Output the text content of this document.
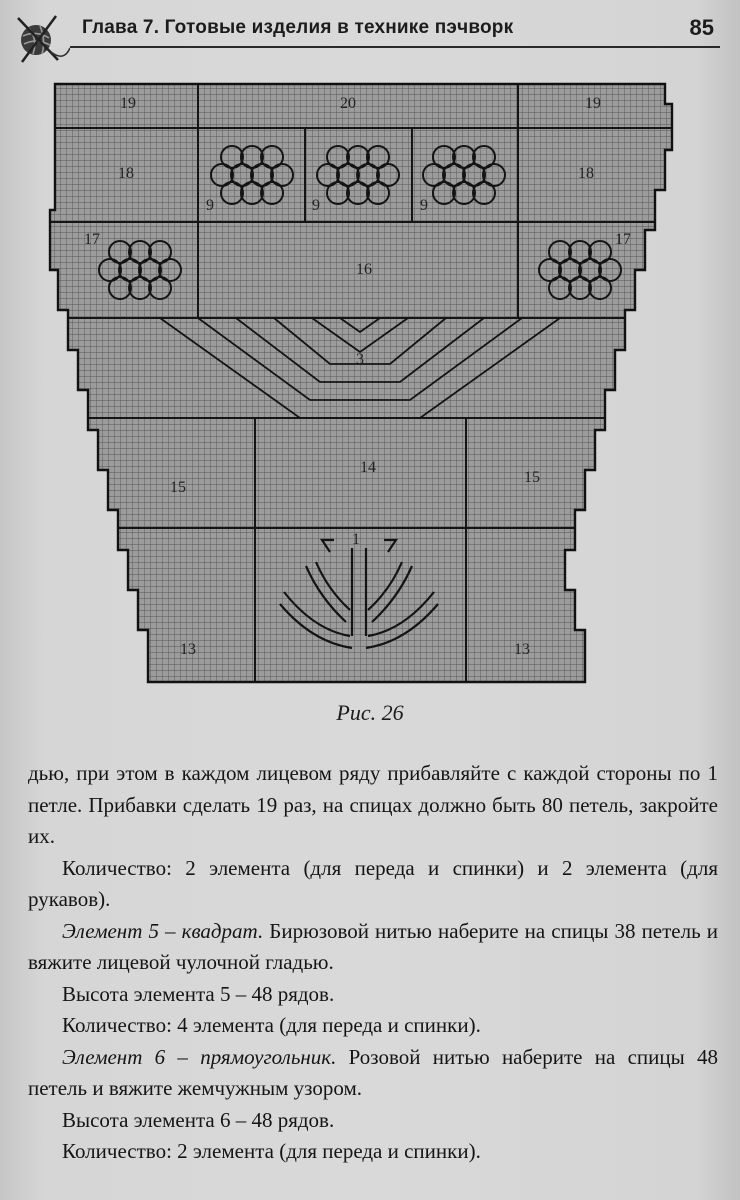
Глава 7. Готовые изделия в технике пэчворк	85
19	20	19
18	18
9	9	9
17	17
16
3
14
15
15
1
13	13
Рис. 26

дью, при этом в каждом лицевом ряду прибавляйте с каждой стороны по 1 петле. Прибавки сделать 19 раз, на спицах должно быть 80 петель, закройте их.

Количество: 2 элемента (для переда и спинки) и 2 элемента (для рукавов).

Элемент 5 – квадрат. Бирюзовой нитью наберите на спицы 38 петель и вяжите лицевой чулочной гладью.

Высота элемента 5 – 48 рядов.

Количество: 4 элемента (для переда и спинки).

Элемент 6 – прямоугольник. Розовой нитью наберите на спицы 48 петель и вяжите жемчужным узором.

Высота элемента 6 – 48 рядов.

Количество: 2 элемента (для переда и спинки).
